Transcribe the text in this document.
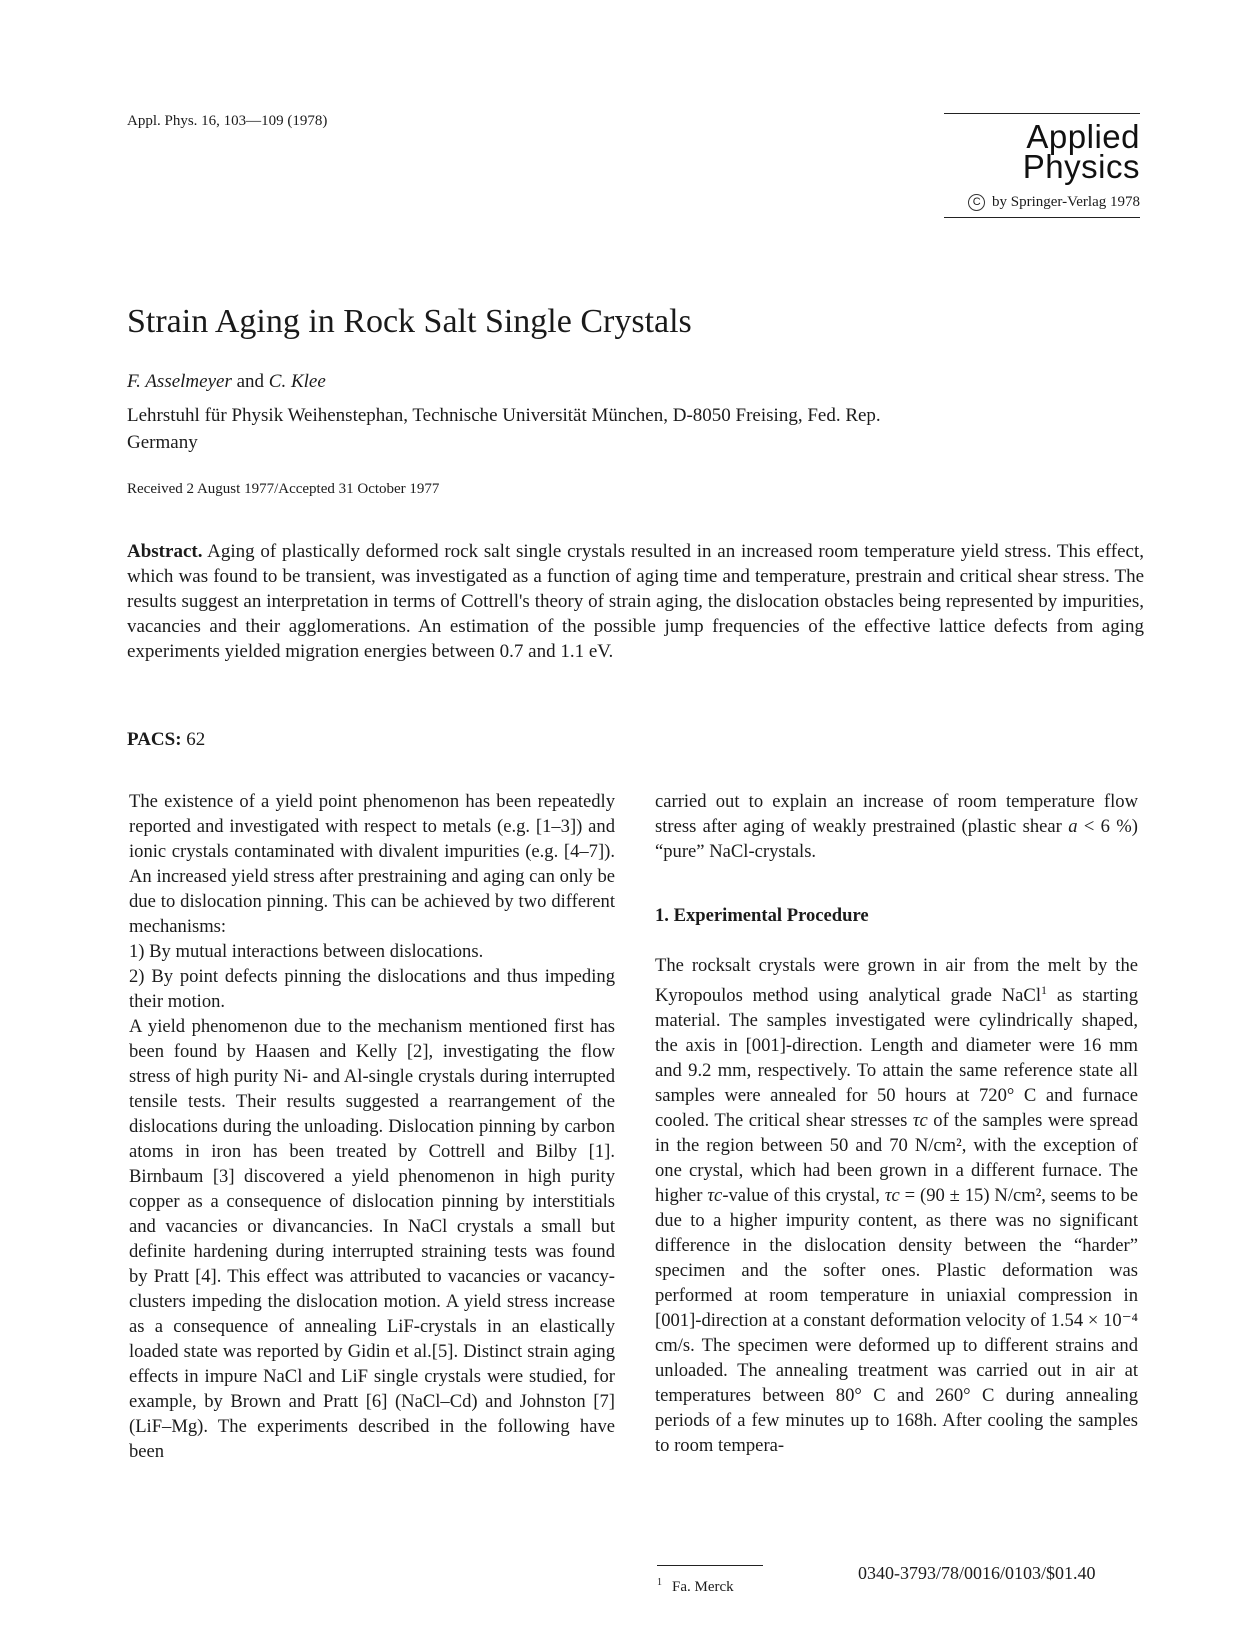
Appl. Phys. 16, 103—109 (1978)	Applied
Physics
C by Springer-Verlag 1978
Strain Aging in Rock Salt Single Crystals
F. Asselmeyer and C. Klee
Lehrstuhl für Physik Weihenstephan, Technische Universität München, D-8050 Freising, Fed. Rep. Germany
Received 2 August 1977/Accepted 31 October 1977
Abstract. Aging of plastically deformed rock salt single crystals resulted in an increased room temperature yield stress. This effect, which was found to be transient, was investigated as a function of aging time and temperature, prestrain and critical shear stress. The results suggest an interpretation in terms of Cottrell's theory of strain aging, the dislocation obstacles being represented by impurities, vacancies and their agglomerations. An estimation of the possible jump frequencies of the effective lattice defects from aging experiments yielded migration energies between 0.7 and 1.1 eV.
PACS: 62

The existence of a yield point phenomenon has been repeatedly reported and investigated with respect to metals (e.g. [1–3]) and ionic crystals contaminated with divalent impurities (e.g. [4–7]). An increased yield stress after prestraining and aging can only be due to dislocation pinning. This can be achieved by two different mechanisms:

1) By mutual interactions between dislocations.

2) By point defects pinning the dislocations and thus impeding their motion.

A yield phenomenon due to the mechanism mentioned first has been found by Haasen and Kelly [2], investigating the flow stress of high purity Ni- and Al-single crystals during interrupted tensile tests. Their results suggested a rearrangement of the dislocations during the unloading. Dislocation pinning by carbon atoms in iron has been treated by Cottrell and Bilby [1]. Birnbaum [3] discovered a yield phenomenon in high purity copper as a consequence of dislocation pinning by interstitials and vacancies or divancancies. In NaCl crystals a small but definite hardening during interrupted straining tests was found by Pratt [4]. This effect was attributed to vacancies or vacancy-clusters impeding the dislocation motion. A yield stress increase as a consequence of annealing LiF-crystals in an elastically loaded state was reported by Gidin et al.[5]. Distinct strain aging effects in impure NaCl and LiF single crystals were studied, for example, by Brown and Pratt [6] (NaCl–Cd) and Johnston [7] (LiF–Mg). The experiments described in the following have been

carried out to explain an increase of room temperature flow stress after aging of weakly prestrained (plastic shear a < 6 %) “pure” NaCl-crystals.

1. Experimental Procedure

The rocksalt crystals were grown in air from the melt by the Kyropoulos method using analytical grade NaCl$^1$ as starting material. The samples investigated were cylindrically shaped, the axis in [001]-direction. Length and diameter were 16 mm and 9.2 mm, respectively. To attain the same reference state all samples were annealed for 50 hours at 720° C and furnace cooled. The critical shear stresses τc of the samples were spread in the region between 50 and 70 N/cm², with the exception of one crystal, which had been grown in a different furnace. The higher τc-value of this crystal, τc = (90 ± 15) N/cm², seems to be due to a higher impurity content, as there was no significant difference in the dislocation density between the “harder” specimen and the softer ones. Plastic deformation was performed at room temperature in uniaxial compression in [001]-direction at a constant deformation velocity of 1.54 × 10⁻⁴ cm/s. The specimen were deformed up to different strains and unloaded. The annealing treatment was carried out in air at temperatures between 80° C and 260° C during annealing periods of a few minutes up to 168h. After cooling the samples to room tempera-

$^1$ Fa. Merck
0340-3793/78/0016/0103/$01.40
